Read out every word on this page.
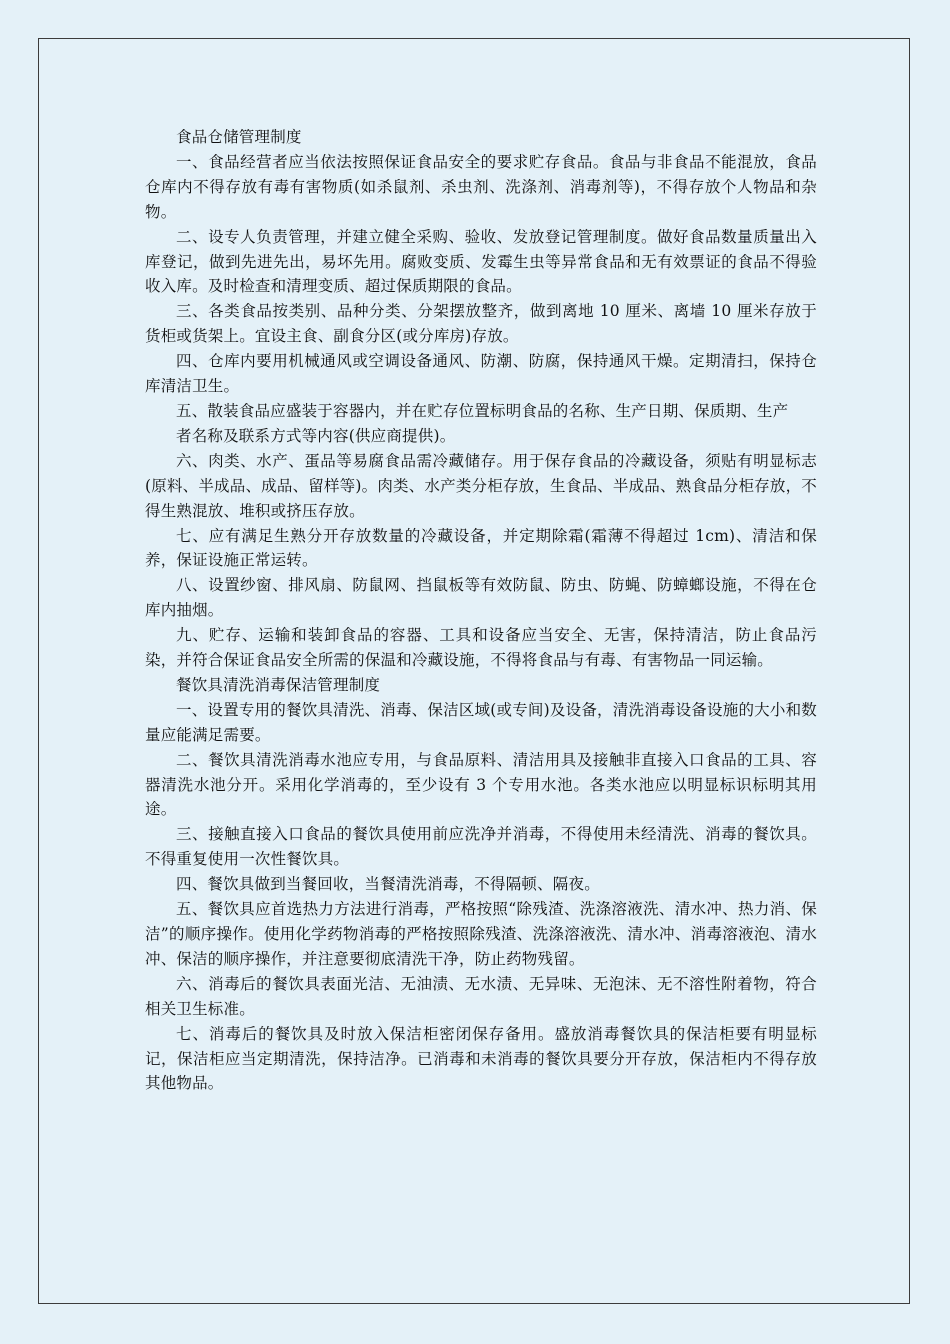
食品仓储管理制度

一、食品经营者应当依法按照保证食品安全的要求贮存食品。食品与非食品不能混放，食品仓库内不得存放有毒有害物质(如杀鼠剂、杀虫剂、洗涤剂、消毒剂等)，不得存放个人物品和杂物。

二、设专人负责管理，并建立健全采购、验收、发放登记管理制度。做好食品数量质量出入库登记，做到先进先出，易坏先用。腐败变质、发霉生虫等异常食品和无有效票证的食品不得验收入库。及时检查和清理变质、超过保质期限的食品。

三、各类食品按类别、品种分类、分架摆放整齐，做到离地 10 厘米、离墙 10 厘米存放于货柜或货架上。宜设主食、副食分区(或分库房)存放。

四、仓库内要用机械通风或空调设备通风、防潮、防腐，保持通风干燥。定期清扫，保持仓库清洁卫生。

五、散装食品应盛装于容器内，并在贮存位置标明食品的名称、生产日期、保质期、生产

者名称及联系方式等内容(供应商提供)。

六、肉类、水产、蛋品等易腐食品需冷藏储存。用于保存食品的冷藏设备，须贴有明显标志(原料、半成品、成品、留样等)。肉类、水产类分柜存放，生食品、半成品、熟食品分柜存放，不得生熟混放、堆积或挤压存放。

七、应有满足生熟分开存放数量的冷藏设备，并定期除霜(霜薄不得超过 1cm)、清洁和保养，保证设施正常运转。

八、设置纱窗、排风扇、防鼠网、挡鼠板等有效防鼠、防虫、防蝇、防蟑螂设施，不得在仓库内抽烟。

九、贮存、运输和装卸食品的容器、工具和设备应当安全、无害，保持清洁，防止食品污染，并符合保证食品安全所需的保温和冷藏设施，不得将食品与有毒、有害物品一同运输。

餐饮具清洗消毒保洁管理制度

一、设置专用的餐饮具清洗、消毒、保洁区域(或专间)及设备，清洗消毒设备设施的大小和数量应能满足需要。

二、餐饮具清洗消毒水池应专用，与食品原料、清洁用具及接触非直接入口食品的工具、容器清洗水池分开。采用化学消毒的，至少设有 3 个专用水池。各类水池应以明显标识标明其用途。

三、接触直接入口食品的餐饮具使用前应洗净并消毒，不得使用未经清洗、消毒的餐饮具。不得重复使用一次性餐饮具。

四、餐饮具做到当餐回收，当餐清洗消毒，不得隔顿、隔夜。

五、餐饮具应首选热力方法进行消毒，严格按照“除残渣、洗涤溶液洗、清水冲、热力消、保洁”的顺序操作。使用化学药物消毒的严格按照除残渣、洗涤溶液洗、清水冲、消毒溶液泡、清水冲、保洁的顺序操作，并注意要彻底清洗干净，防止药物残留。

六、消毒后的餐饮具表面光洁、无油渍、无水渍、无异味、无泡沫、无不溶性附着物，符合相关卫生标准。

七、消毒后的餐饮具及时放入保洁柜密闭保存备用。盛放消毒餐饮具的保洁柜要有明显标记，保洁柜应当定期清洗，保持洁净。已消毒和未消毒的餐饮具要分开存放，保洁柜内不得存放其他物品。
